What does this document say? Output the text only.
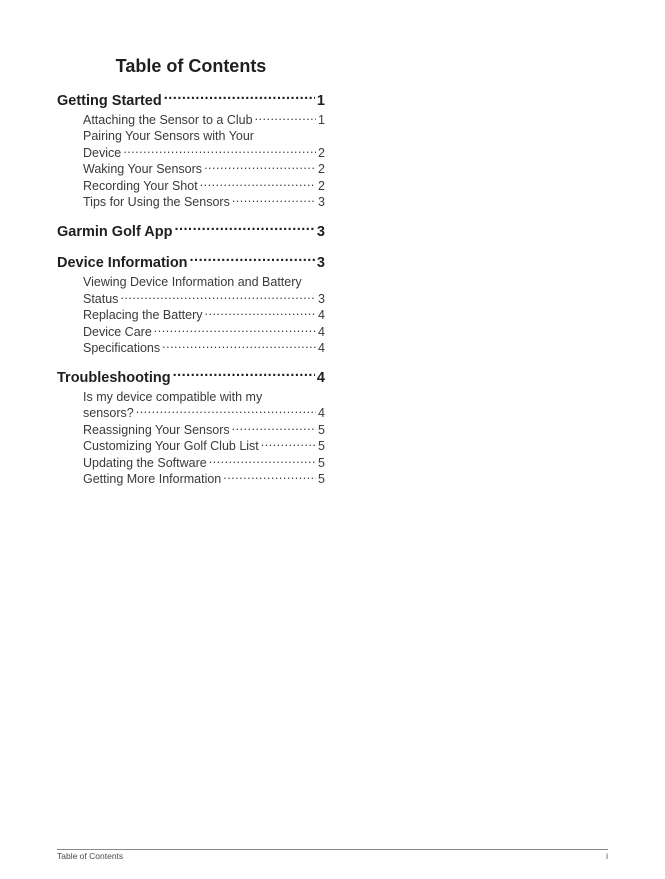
Table of Contents
Getting Started .....	1
Attaching the Sensor to a Club .....	1
Pairing Your Sensors with Your
Device .....	2
Waking Your Sensors .....	2
Recording Your Shot .....	2
Tips for Using the Sensors .....	3
Garmin Golf App .....	3
Device Information .....	3
Viewing Device Information and Battery
Status .....	3
Replacing the Battery .....	4
Device Care .....	4
Specifications .....	4
Troubleshooting .....	4
Is my device compatible with my
sensors? .....	4
Reassigning Your Sensors .....	5
Customizing Your Golf Club List .....	5
Updating the Software .....	5
Getting More Information .....	5
Table of Contents	i
